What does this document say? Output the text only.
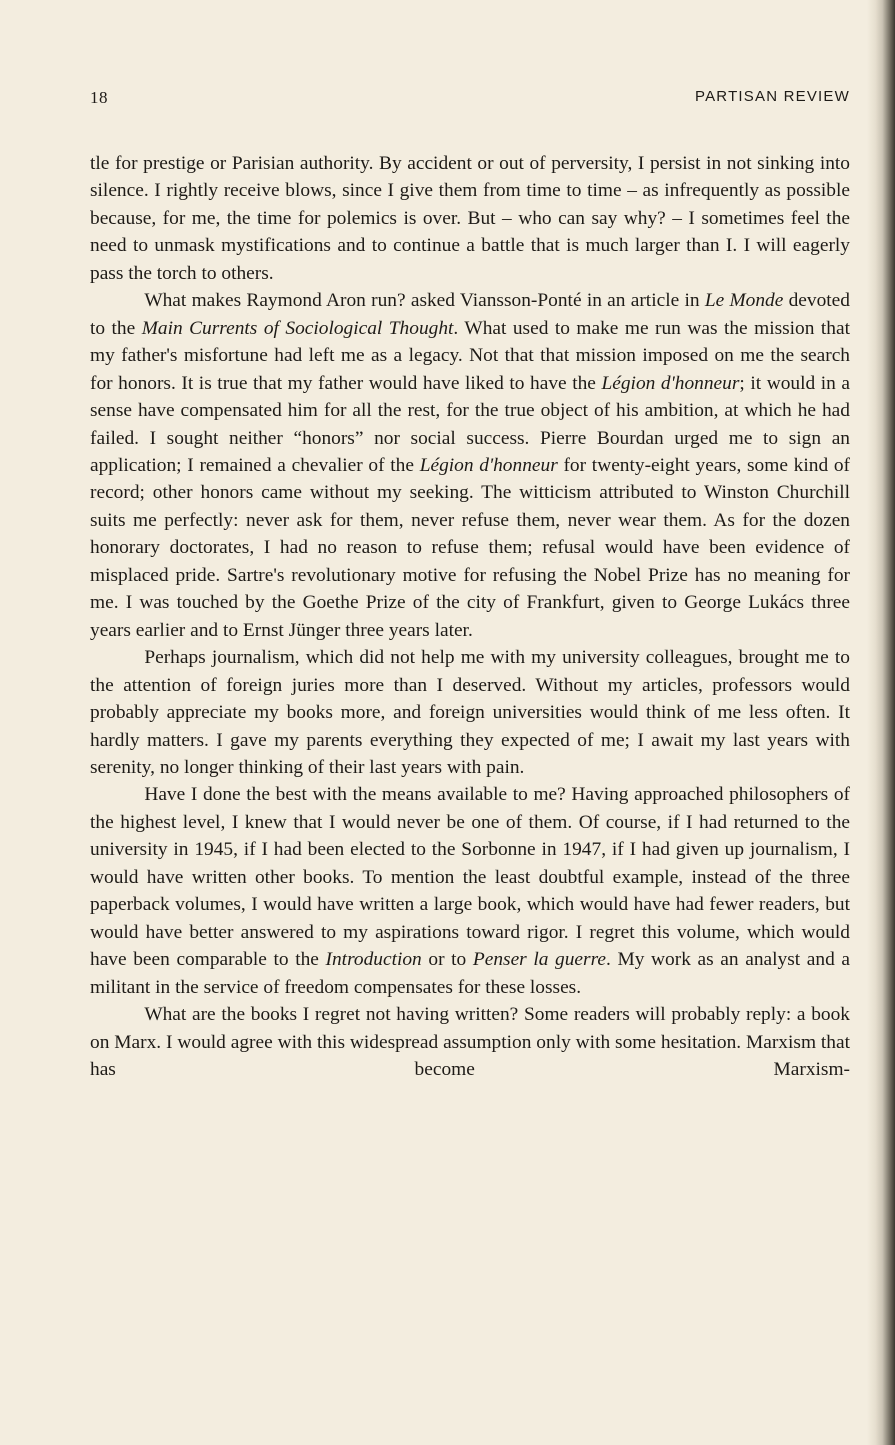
18	PARTISAN REVIEW

tle for prestige or Parisian authority. By accident or out of perversity, I persist in not sinking into silence. I rightly receive blows, since I give them from time to time – as infrequently as possible because, for me, the time for polemics is over. But – who can say why? – I sometimes feel the need to unmask mystifications and to continue a battle that is much larger than I. I will eagerly pass the torch to others.

What makes Raymond Aron run? asked Viansson-Ponté in an article in Le Monde devoted to the Main Currents of Sociological Thought. What used to make me run was the mission that my father's misfortune had left me as a legacy. Not that that mission imposed on me the search for honors. It is true that my father would have liked to have the Légion d'honneur; it would in a sense have compensated him for all the rest, for the true object of his ambition, at which he had failed. I sought neither “honors” nor social success. Pierre Bourdan urged me to sign an application; I remained a chevalier of the Légion d'honneur for twenty-eight years, some kind of record; other honors came without my seeking. The witticism attributed to Winston Churchill suits me perfectly: never ask for them, never refuse them, never wear them. As for the dozen honorary doctorates, I had no reason to refuse them; refusal would have been evidence of misplaced pride. Sartre's revolutionary motive for refusing the Nobel Prize has no meaning for me. I was touched by the Goethe Prize of the city of Frankfurt, given to George Lukács three years earlier and to Ernst Jünger three years later.

Perhaps journalism, which did not help me with my university colleagues, brought me to the attention of foreign juries more than I deserved. Without my articles, professors would probably appreciate my books more, and foreign universities would think of me less often. It hardly matters. I gave my parents everything they expected of me; I await my last years with serenity, no longer thinking of their last years with pain.

Have I done the best with the means available to me? Having approached philosophers of the highest level, I knew that I would never be one of them. Of course, if I had returned to the university in 1945, if I had been elected to the Sorbonne in 1947, if I had given up journalism, I would have written other books. To mention the least doubtful example, instead of the three paperback volumes, I would have written a large book, which would have had fewer readers, but would have better answered to my aspirations toward rigor. I regret this volume, which would have been comparable to the Introduction or to Penser la guerre. My work as an analyst and a militant in the service of freedom compensates for these losses.

What are the books I regret not having written? Some readers will probably reply: a book on Marx. I would agree with this widespread assumption only with some hesitation. Marxism that has become Marxism-
